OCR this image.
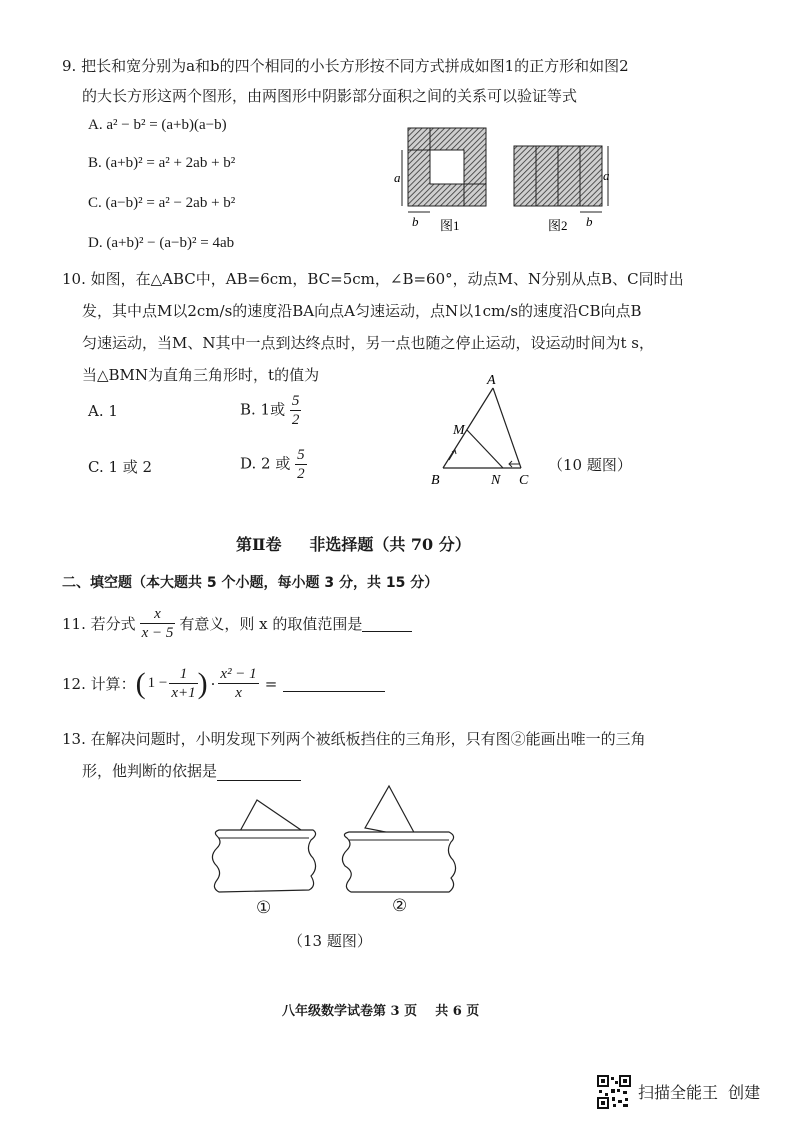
9. 把长和宽分别为a和b的四个相同的小长方形按不同方式拼成如图1的正方形和如图2
的大长方形这两个图形，由两图形中阴影部分面积之间的关系可以验证等式
A. a² − b² = (a+b)(a−b)
B. (a+b)² = a² + 2ab + b²
C. (a−b)² = a² − 2ab + b²
D. (a+b)² − (a−b)² = 4ab
a
b 图1
a
b
图2
10. 如图，在△ABC中，AB=6cm，BC=5cm，∠B=60°，动点M、N分别从点B、C同时出
发，其中点M以2cm/s的速度沿BA向点A匀速运动，点N以1cm/s的速度沿CB向点B
匀速运动，当M、N其中一点到达终点时，另一点也随之停止运动，设运动时间为t s，
当△BMN为直角三角形时，t的值为
A. 1	B. 1或 $\frac{5}{2}$
C. 1 或 2	D. 2 或 $\frac{5}{2}$
A
M
B	N C
（10 题图）
第Ⅱ卷     非选择题（共 70 分）
二、填空题（本大题共 5 个小题，每小题 3 分，共 15 分）
11. 若分式 $\frac{x}{x - 5}$ 有意义，则 x 的取值范围是
12. 计算： ( $1 - \frac{1}{x+1}$ ) · $\frac{\text{x² − 1}}{x}$ =
13. 在解决问题时，小明发现下列两个被纸板挡住的三角形，只有图②能画出唯一的三角
形，他判断的依据是
①	②
（13 题图）
八年级数学试卷第 3 页    共 6 页
扫描全能王  创建
